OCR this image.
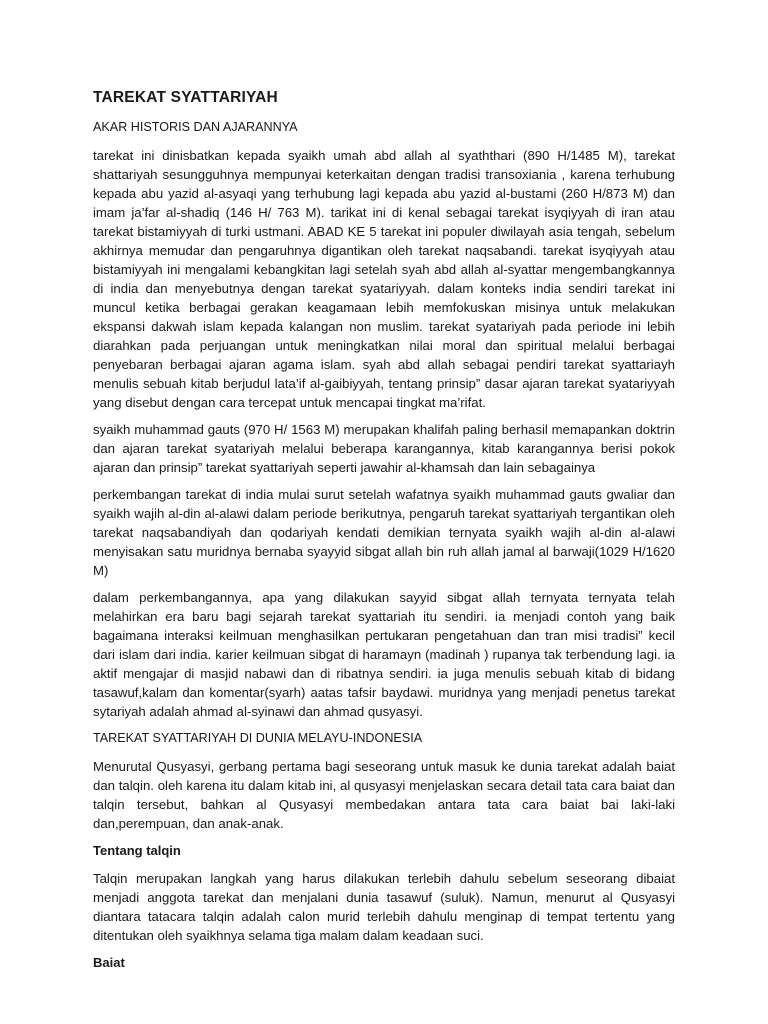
TAREKAT SYATTARIYAH
AKAR HISTORIS DAN AJARANNYA

tarekat ini dinisbatkan kepada syaikh umah abd allah al syaththari (890 H/1485 M), tarekat shattariyah sesungguhnya mempunyai keterkaitan dengan tradisi transoxiania , karena terhubung kepada abu yazid al-asyaqi yang terhubung lagi kepada abu yazid al-bustami (260 H/873 M) dan imam ja’far al-shadiq (146 H/ 763 M). tarikat ini di kenal sebagai tarekat isyqiyyah di iran atau tarekat bistamiyyah di turki ustmani. ABAD KE 5 tarekat ini populer diwilayah asia tengah, sebelum akhirnya memudar dan pengaruhnya digantikan oleh tarekat naqsabandi. tarekat isyqiyyah atau bistamiyyah ini mengalami kebangkitan lagi setelah syah abd allah al-syattar mengembangkannya di india dan menyebutnya dengan tarekat syatariyyah. dalam konteks india sendiri tarekat ini muncul ketika berbagai gerakan keagamaan lebih memfokuskan misinya untuk melakukan ekspansi dakwah islam kepada kalangan non muslim. tarekat syatariyah pada periode ini lebih diarahkan pada perjuangan untuk meningkatkan nilai moral dan spiritual melalui berbagai penyebaran berbagai ajaran agama islam. syah abd allah sebagai pendiri tarekat syattariayh menulis sebuah kitab berjudul lata’if al-gaibiyyah, tentang prinsip” dasar ajaran tarekat syatariyyah yang disebut dengan cara tercepat untuk mencapai tingkat ma’rifat.

syaikh muhammad gauts (970 H/ 1563 M) merupakan khalifah paling berhasil memapankan doktrin dan ajaran tarekat syatariyah melalui beberapa karangannya, kitab karangannya berisi pokok ajaran dan prinsip” tarekat syattariyah seperti jawahir al-khamsah dan lain sebagainya

perkembangan tarekat di india mulai surut setelah wafatnya syaikh muhammad gauts gwaliar dan syaikh wajih al-din al-alawi dalam periode berikutnya, pengaruh tarekat syattariyah tergantikan oleh tarekat naqsabandiyah dan qodariyah kendati demikian ternyata syaikh wajih al-din al-alawi menyisakan satu muridnya bernaba syayyid sibgat allah bin ruh allah jamal al barwaji(1029 H/1620 M)

dalam perkembangannya, apa yang dilakukan sayyid sibgat allah ternyata ternyata telah melahirkan era baru bagi sejarah tarekat syattariah itu sendiri. ia menjadi contoh yang baik bagaimana interaksi keilmuan menghasilkan pertukaran pengetahuan dan tran misi tradisi” kecil dari islam dari india. karier keilmuan sibgat di haramayn (madinah ) rupanya tak terbendung lagi. ia aktif mengajar di masjid nabawi dan di ribatnya sendiri. ia juga menulis sebuah kitab di bidang tasawuf,kalam dan komentar(syarh) aatas tafsir baydawi. muridnya yang menjadi penetus tarekat sytariyah adalah ahmad al-syinawi dan ahmad qusyasyi.

TAREKAT SYATTARIYAH DI DUNIA MELAYU-INDONESIA

Menurutal Qusyasyi, gerbang pertama bagi seseorang untuk masuk ke dunia tarekat adalah baiat dan talqin. oleh karena itu dalam kitab ini, al qusyasyi menjelaskan secara detail tata cara baiat dan talqin tersebut, bahkan al Qusyasyi membedakan antara tata cara baiat bai laki-laki dan,perempuan, dan anak-anak.

Tentang talqin

Talqin merupakan langkah yang harus dilakukan terlebih dahulu sebelum seseorang dibaiat menjadi anggota tarekat dan menjalani dunia tasawuf (suluk). Namun, menurut al Qusyasyi diantara tatacara talqin adalah calon murid terlebih dahulu menginap di tempat tertentu yang ditentukan oleh syaikhnya selama tiga malam dalam keadaan suci.

Baiat
